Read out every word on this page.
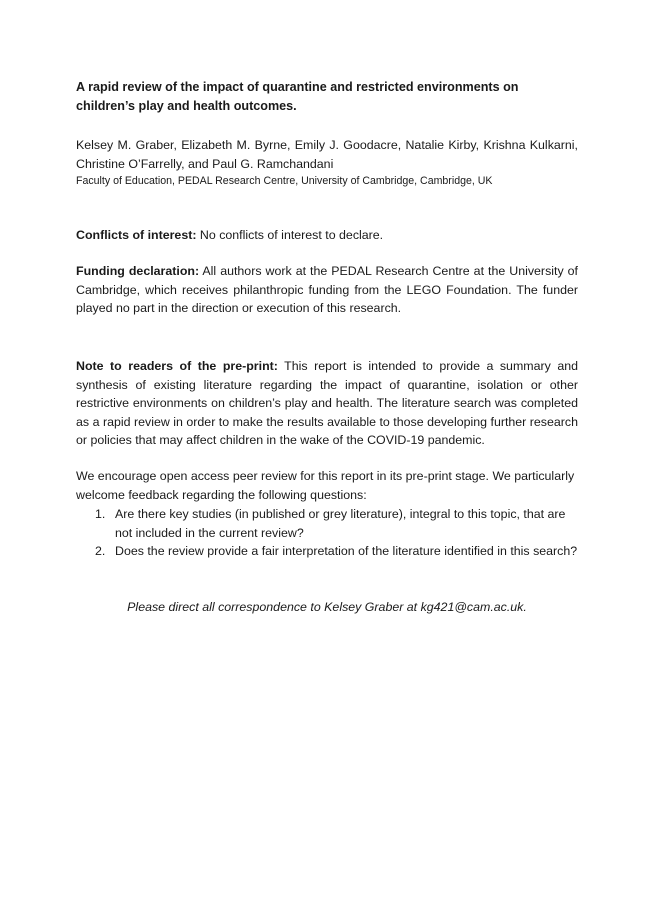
A rapid review of the impact of quarantine and restricted environments on children’s play and health outcomes.
Kelsey M. Graber, Elizabeth M. Byrne, Emily J. Goodacre, Natalie Kirby, Krishna Kulkarni, Christine O’Farrelly, and Paul G. Ramchandani
Faculty of Education, PEDAL Research Centre, University of Cambridge, Cambridge, UK
Conflicts of interest: No conflicts of interest to declare.
Funding declaration: All authors work at the PEDAL Research Centre at the University of Cambridge, which receives philanthropic funding from the LEGO Foundation. The funder played no part in the direction or execution of this research.
Note to readers of the pre-print: This report is intended to provide a summary and synthesis of existing literature regarding the impact of quarantine, isolation or other restrictive environments on children’s play and health. The literature search was completed as a rapid review in order to make the results available to those developing further research or policies that may affect children in the wake of the COVID-19 pandemic.
We encourage open access peer review for this report in its pre-print stage. We particularly welcome feedback regarding the following questions:
1. Are there key studies (in published or grey literature), integral to this topic, that are not included in the current review?
2. Does the review provide a fair interpretation of the literature identified in this search?
Please direct all correspondence to Kelsey Graber at kg421@cam.ac.uk.
